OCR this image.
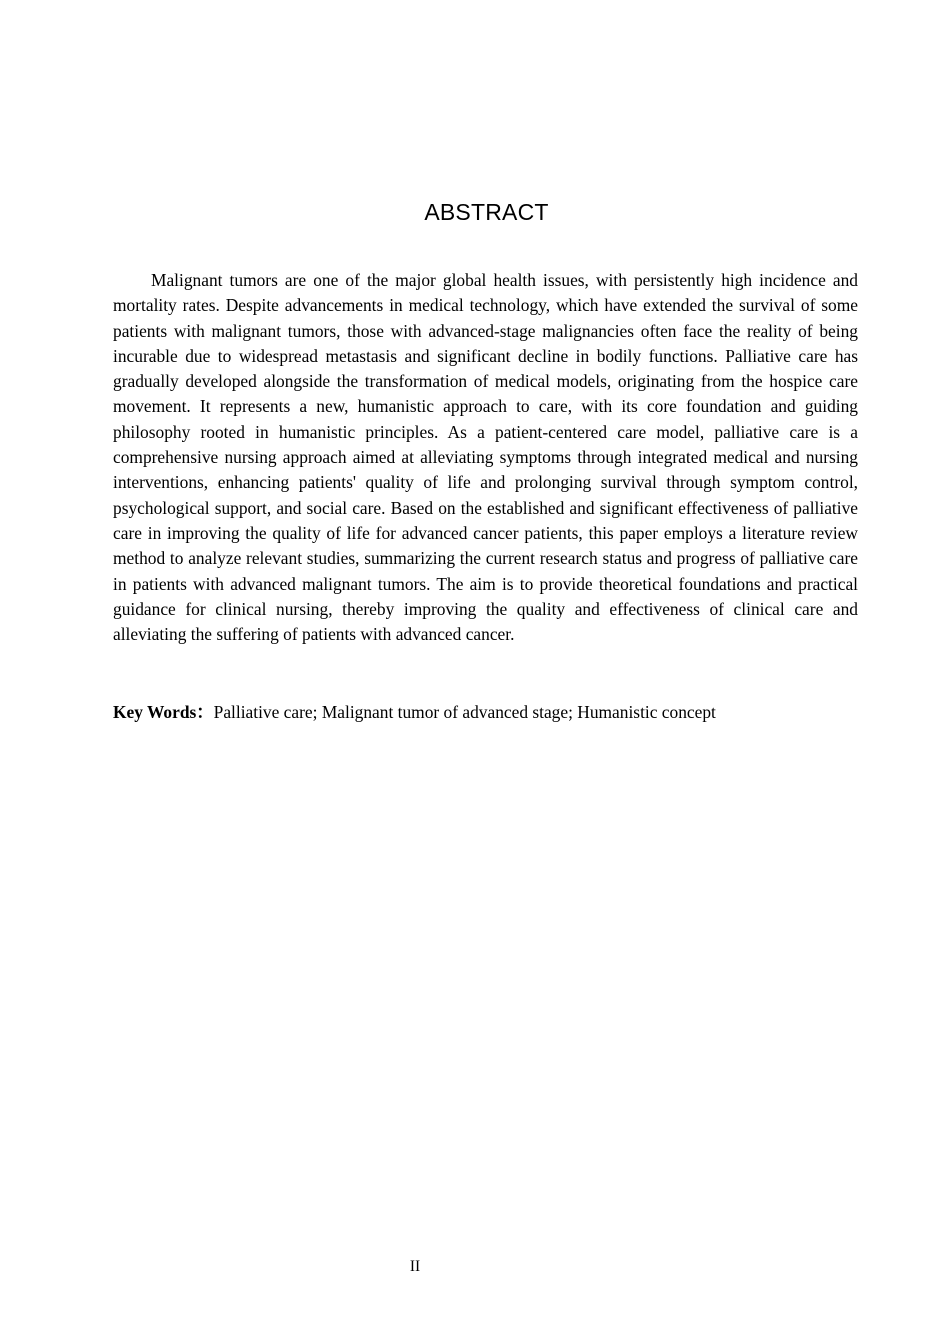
ABSTRACT

Malignant tumors are one of the major global health issues, with persistently high incidence and mortality rates. Despite advancements in medical technology, which have extended the survival of some patients with malignant tumors, those with advanced-stage malignancies often face the reality of being incurable due to widespread metastasis and significant decline in bodily functions. Palliative care has gradually developed alongside the transformation of medical models, originating from the hospice care movement. It represents a new, humanistic approach to care, with its core foundation and guiding philosophy rooted in humanistic principles. As a patient-centered care model, palliative care is a comprehensive nursing approach aimed at alleviating symptoms through integrated medical and nursing interventions, enhancing patients' quality of life and prolonging survival through symptom control, psychological support, and social care. Based on the established and significant effectiveness of palliative care in improving the quality of life for advanced cancer patients, this paper employs a literature review method to analyze relevant studies, summarizing the current research status and progress of palliative care in patients with advanced malignant tumors. The aim is to provide theoretical foundations and practical guidance for clinical nursing, thereby improving the quality and effectiveness of clinical care and alleviating the suffering of patients with advanced cancer.

Key Words：Palliative care; Malignant tumor of advanced stage; Humanistic concept

II
